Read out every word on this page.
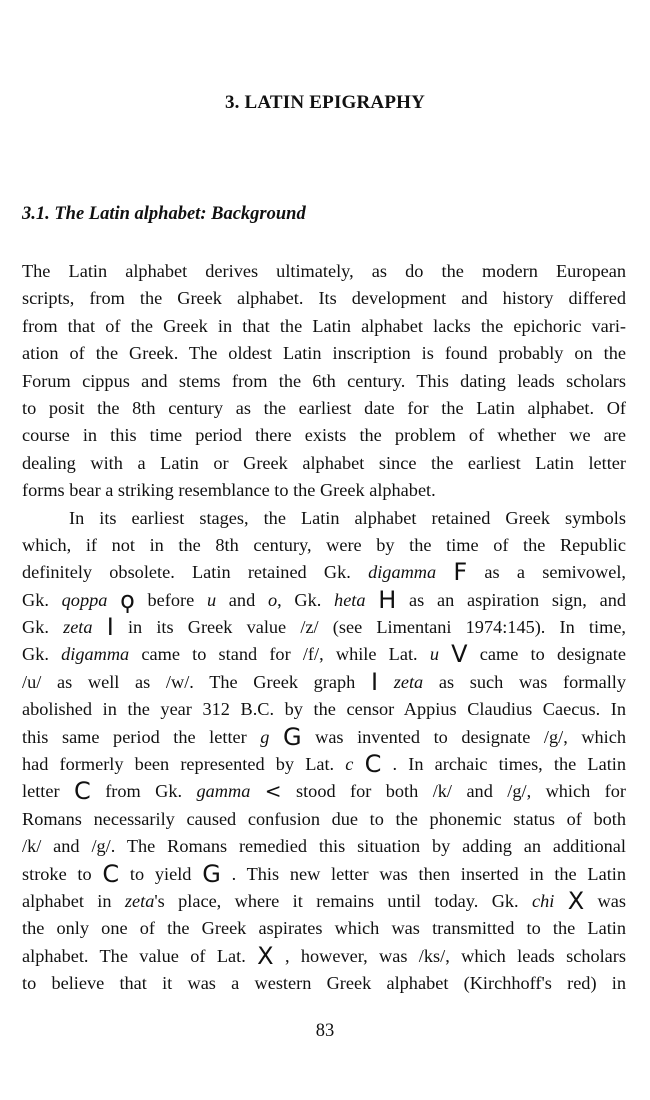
3. LATIN EPIGRAPHY
3.1. The Latin alphabet: Background
The Latin alphabet derives ultimately, as do the modern European
scripts, from the Greek alphabet. Its development and history differed
from that of the Greek in that the Latin alphabet lacks the epichoric vari-
ation of the Greek. The oldest Latin inscription is found probably on the
Forum cippus and stems from the 6th century. This dating leads scholars
to posit the 8th century as the earliest date for the Latin alphabet. Of
course in this time period there exists the problem of whether we are
dealing with a Latin or Greek alphabet since the earliest Latin letter
forms bear a striking resemblance to the Greek alphabet.
In its earliest stages, the Latin alphabet retained Greek symbols
which, if not in the 8th century, were by the time of the Republic
definitely obsolete. Latin retained Gk. digamma Ϝ as a semivowel,
Gk. qoppa ϙ before u and o, Gk. heta H as an aspiration sign, and
Gk. zeta I in its Greek value /z/ (see Limentani 1974:145). In time,
Gk. digamma came to stand for /f/, while Lat. u V came to designate
/u/ as well as /w/. The Greek graph I zeta as such was formally
abolished in the year 312 B.C. by the censor Appius Claudius Caecus. In
this same period the letter g G was invented to designate /g/, which
had formerly been represented by Lat. c C . In archaic times, the Latin
letter C from Gk. gamma < stood for both /k/ and /g/, which for
Romans necessarily caused confusion due to the phonemic status of both
/k/ and /g/. The Romans remedied this situation by adding an additional
stroke to C to yield G . This new letter was then inserted in the Latin
alphabet in zeta's place, where it remains until today. Gk. chi X was
the only one of the Greek aspirates which was transmitted to the Latin
alphabet. The value of Lat. X , however, was /ks/, which leads scholars
to believe that it was a western Greek alphabet (Kirchhoff's red) in
83
